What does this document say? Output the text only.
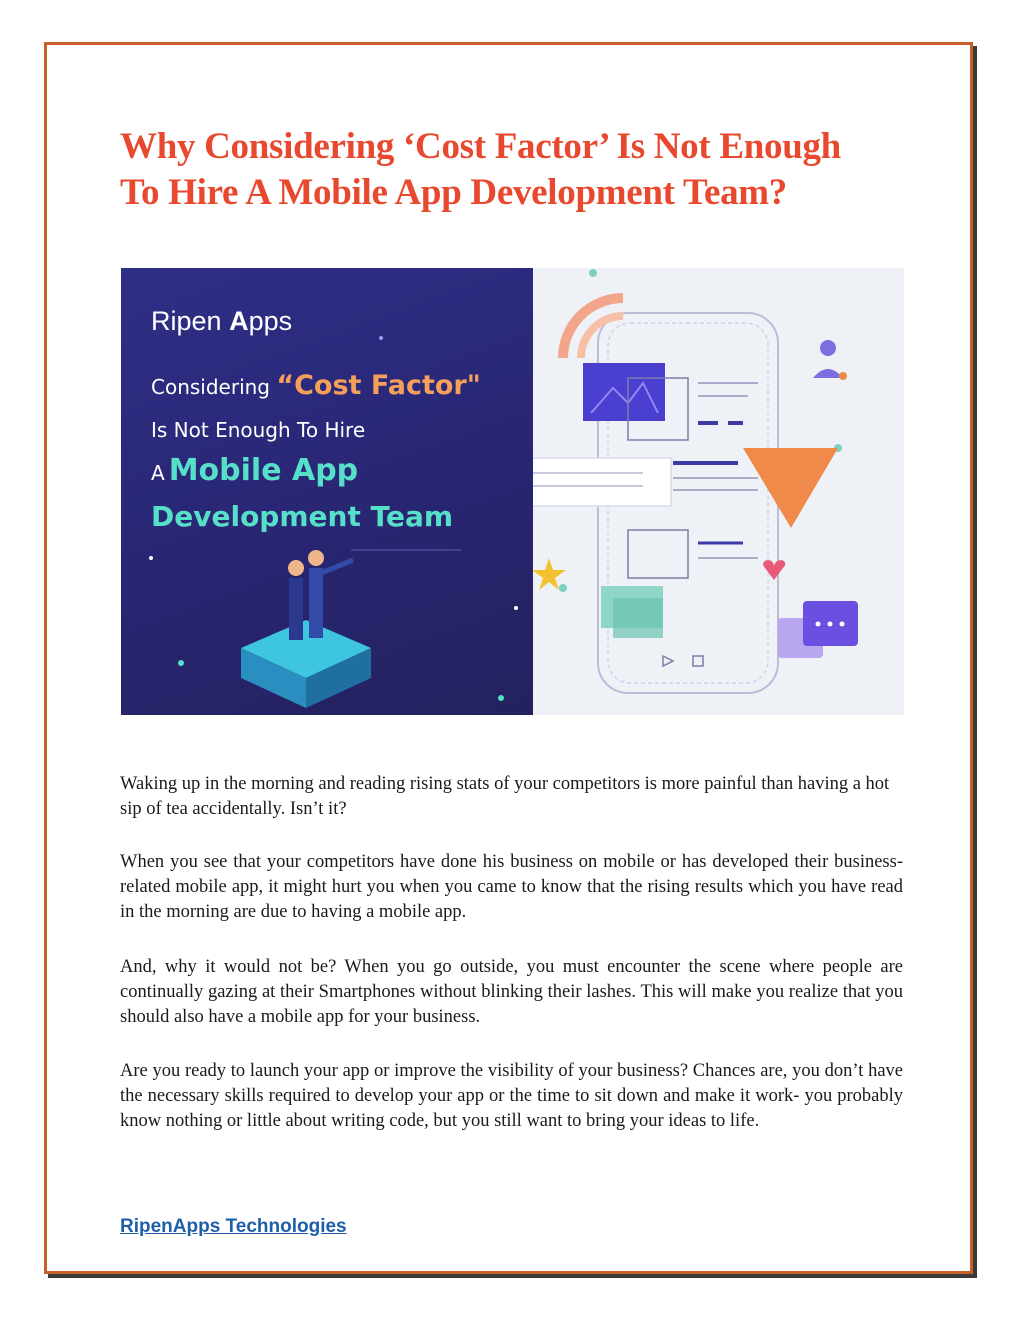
Why Considering ‘Cost Factor’ Is Not Enough
To Hire A Mobile App Development Team?
Ripen Apps
Considering “Cost Factor"
Is Not Enough To Hire
A Mobile App
Development Team

Waking up in the morning and reading rising stats of your competitors is more painful than having a hot sip of tea accidentally. Isn’t it?

When you see that your competitors have done his business on mobile or has developed their business-related mobile app, it might hurt you when you came to know that the rising results which you have read in the morning are due to having a mobile app.

And, why it would not be? When you go outside, you must encounter the scene where people are continually gazing at their Smartphones without blinking their lashes. This will make you realize that you should also have a mobile app for your business.

Are you ready to launch your app or improve the visibility of your business? Chances are, you don’t have the necessary skills required to develop your app or the time to sit down and make it work- you probably know nothing or little about writing code, but you still want to bring your ideas to life.

RipenApps Technologies
